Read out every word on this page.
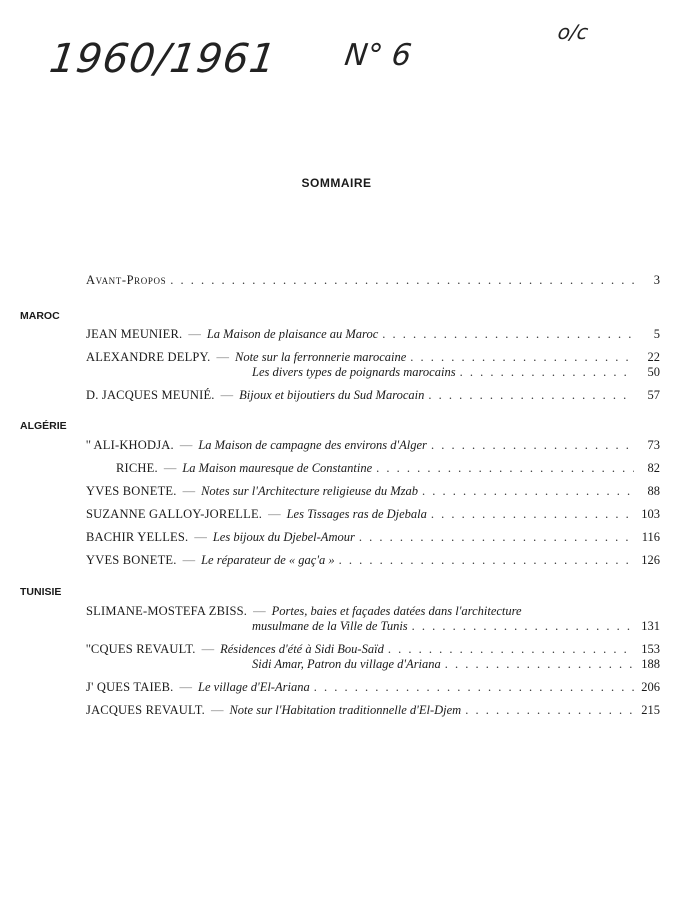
1960/1961 N° 6
o/c
SOMMAIRE
Avant-Propos . . .	3
MAROC
JEAN MEUNIER. — La Maison de plaisance au Maroc . . .	5
ALEXANDRE DELPY. — Note sur la ferronnerie marocaine . . .	22
Les divers types de poignards marocains . . .	50
D. JACQUES MEUNIÉ. — Bijoux et bijoutiers du Sud Marocain . . .	57
ALGÉRIE
'' ALI-KHODJA. — La Maison de campagne des environs d'Alger . . .	73
RICHE. — La Maison mauresque de Constantine . . .	82
YVES BONETE. — Notes sur l'Architecture religieuse du Mzab . . .	88
SUZANNE GALLOY-JORELLE. — Les Tissages ras de Djebala . . .	103
BACHIR YELLES. — Les bijoux du Djebel-Amour . . .	116
YVES BONETE. — Le réparateur de « gaç'a » . . .	126
TUNISIE
SLIMANE-MOSTEFA ZBISS. — Portes, baies et façades datées dans l'architecture
musulmane de la Ville de Tunis . . .	131
''CQUES REVAULT. — Résidences d'été à Sidi Bou-Saïd . . .	153
Sidi Amar, Patron du village d'Ariana . . .	188
J' QUES TAIEB. — Le village d'El-Ariana . . .	206
JACQUES REVAULT. — Note sur l'Habitation traditionnelle d'El-Djem . . .	215
